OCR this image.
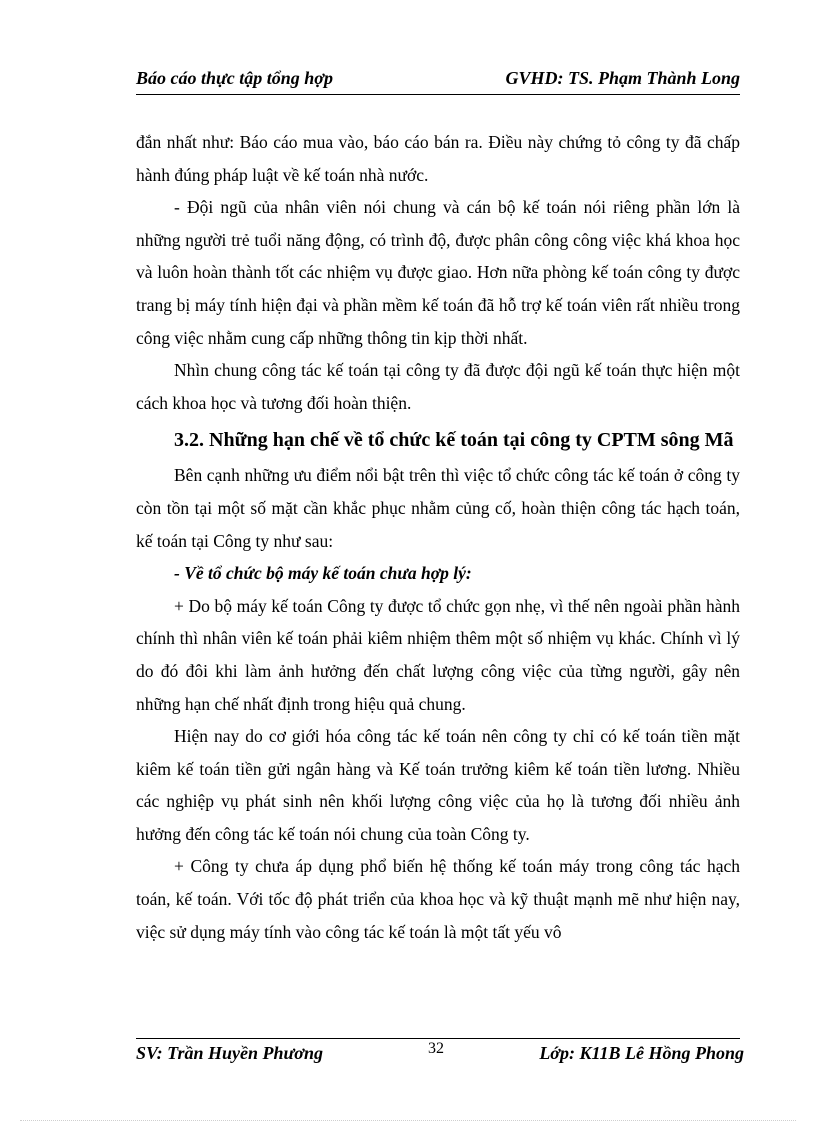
Báo cáo thực tập tổng hợp	GVHD: TS. Phạm Thành Long

đắn nhất như: Báo cáo mua vào, báo cáo bán ra. Điều này chứng tỏ công ty đã chấp hành đúng pháp luật về kế toán nhà nước.

- Đội ngũ của nhân viên nói chung và cán bộ kế toán nói riêng phần lớn là những người trẻ tuổi năng động, có trình độ, được phân công công việc khá khoa học và luôn hoàn thành tốt các nhiệm vụ được giao. Hơn nữa phòng kế toán công ty được trang bị máy tính hiện đại và phần mềm kế toán đã hỗ trợ kế toán viên rất nhiều trong công việc nhằm cung cấp những thông tin kịp thời nhất.

Nhìn chung công tác kế toán tại công ty đã được đội ngũ kế toán thực hiện một cách khoa học và tương đối hoàn thiện.

3.2. Những hạn chế về tổ chức kế toán tại công ty CPTM sông Mã

Bên cạnh những ưu điểm nổi bật trên thì việc tổ chức công tác kế toán ở công ty còn tồn tại một số mặt cần khắc phục nhằm củng cố, hoàn thiện công tác hạch toán, kế toán tại Công ty như sau:

- Về tổ chức bộ máy kế toán chưa hợp lý:

+ Do bộ máy kế toán Công ty được tổ chức gọn nhẹ, vì thế nên ngoài phần hành chính thì nhân viên kế toán phải kiêm nhiệm thêm một số nhiệm vụ khác. Chính vì lý do đó đôi khi làm ảnh hưởng đến chất lượng công việc của từng người, gây nên những hạn chế nhất định trong hiệu quả chung.

Hiện nay do cơ giới hóa công tác kế toán nên công ty chỉ có kế toán tiền mặt kiêm kế toán tiền gửi ngân hàng và Kế toán trưởng kiêm kế toán tiền lương. Nhiều các nghiệp vụ phát sinh nên khối lượng công việc của họ là tương đối nhiều ảnh hưởng đến công tác kế toán nói chung của toàn Công ty.

+ Công ty chưa áp dụng phổ biến hệ thống kế toán máy trong công tác hạch toán, kế toán. Với tốc độ phát triển của khoa học và kỹ thuật mạnh mẽ như hiện nay, việc sử dụng máy tính vào công tác kế toán là một tất yếu vô

SV: Trần Huyền Phương	32	Lớp: K11B Lê Hồng Phong
